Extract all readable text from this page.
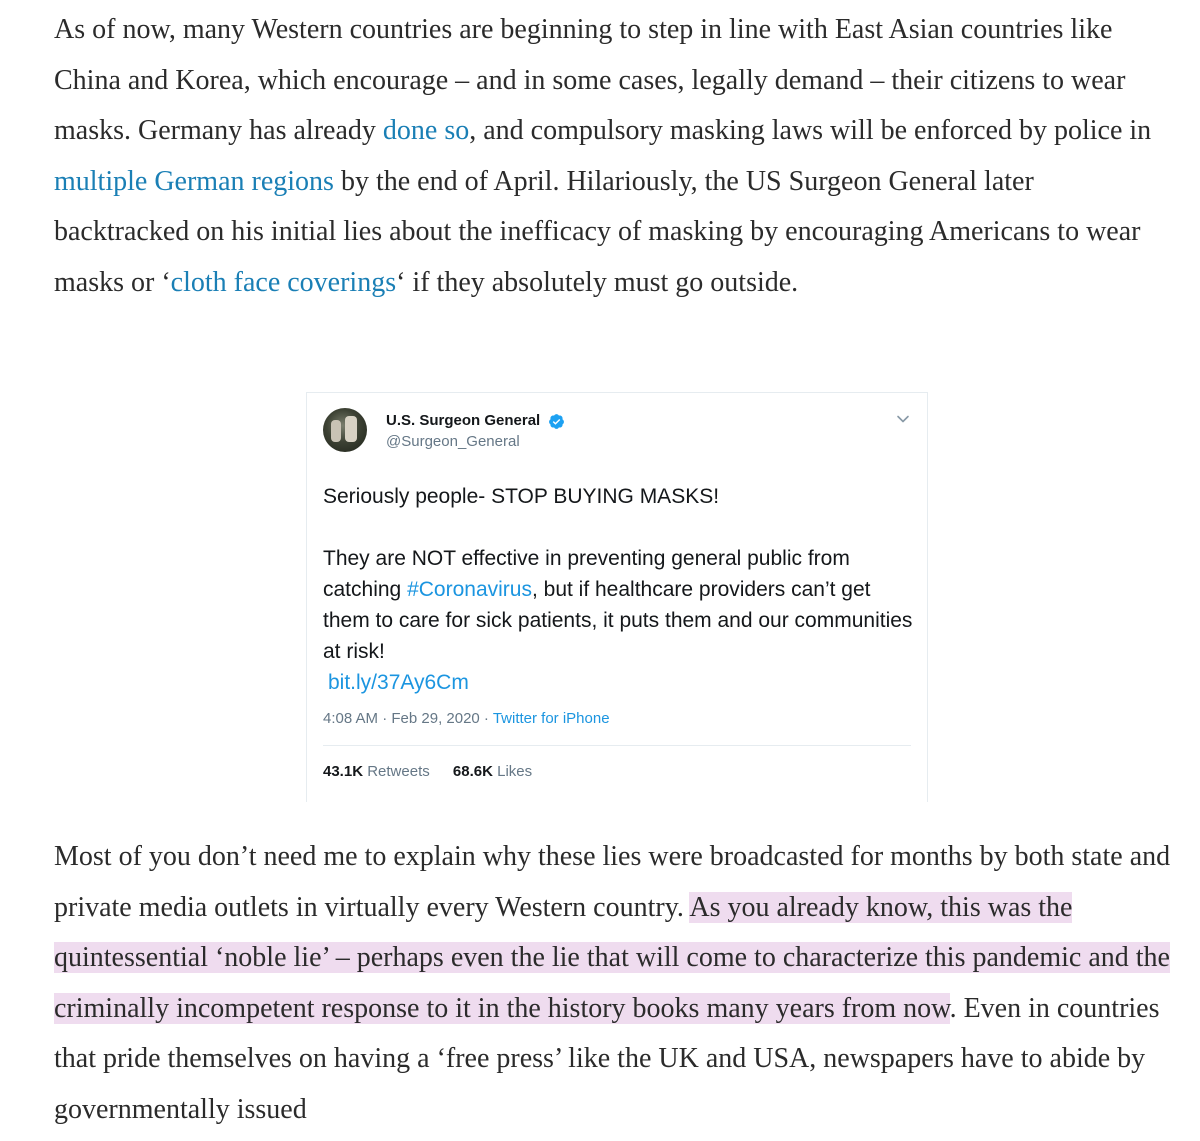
As of now, many Western countries are beginning to step in line with East Asian countries like China and Korea, which encourage – and in some cases, legally demand – their citizens to wear masks. Germany has already done so, and compulsory masking laws will be enforced by police in multiple German regions by the end of April. Hilariously, the US Surgeon General later backtracked on his initial lies about the inefficacy of masking by encouraging Americans to wear masks or ‘cloth face coverings‘ if they absolutely must go outside.

Most of you don’t need me to explain why these lies were broadcasted for months by both state and private media outlets in virtually every Western country. As you already know, this was the quintessential ‘noble lie’ – perhaps even the lie that will come to characterize this pandemic and the criminally incompetent response to it in the history books many years from now. Even in countries that pride themselves on having a ‘free press’ like the UK and USA, newspapers have to abide by governmentally issued

U.S. Surgeon General
@Surgeon_General

Seriously people- STOP BUYING MASKS!

They are NOT effective in preventing general public from catching #Coronavirus, but if healthcare providers can’t get them to care for sick patients, it puts them and our communities at risk!

bit.ly/37Ay6Cm

4:08 AM · Feb 29, 2020 · Twitter for iPhone
43.1K Retweets 68.6K Likes
